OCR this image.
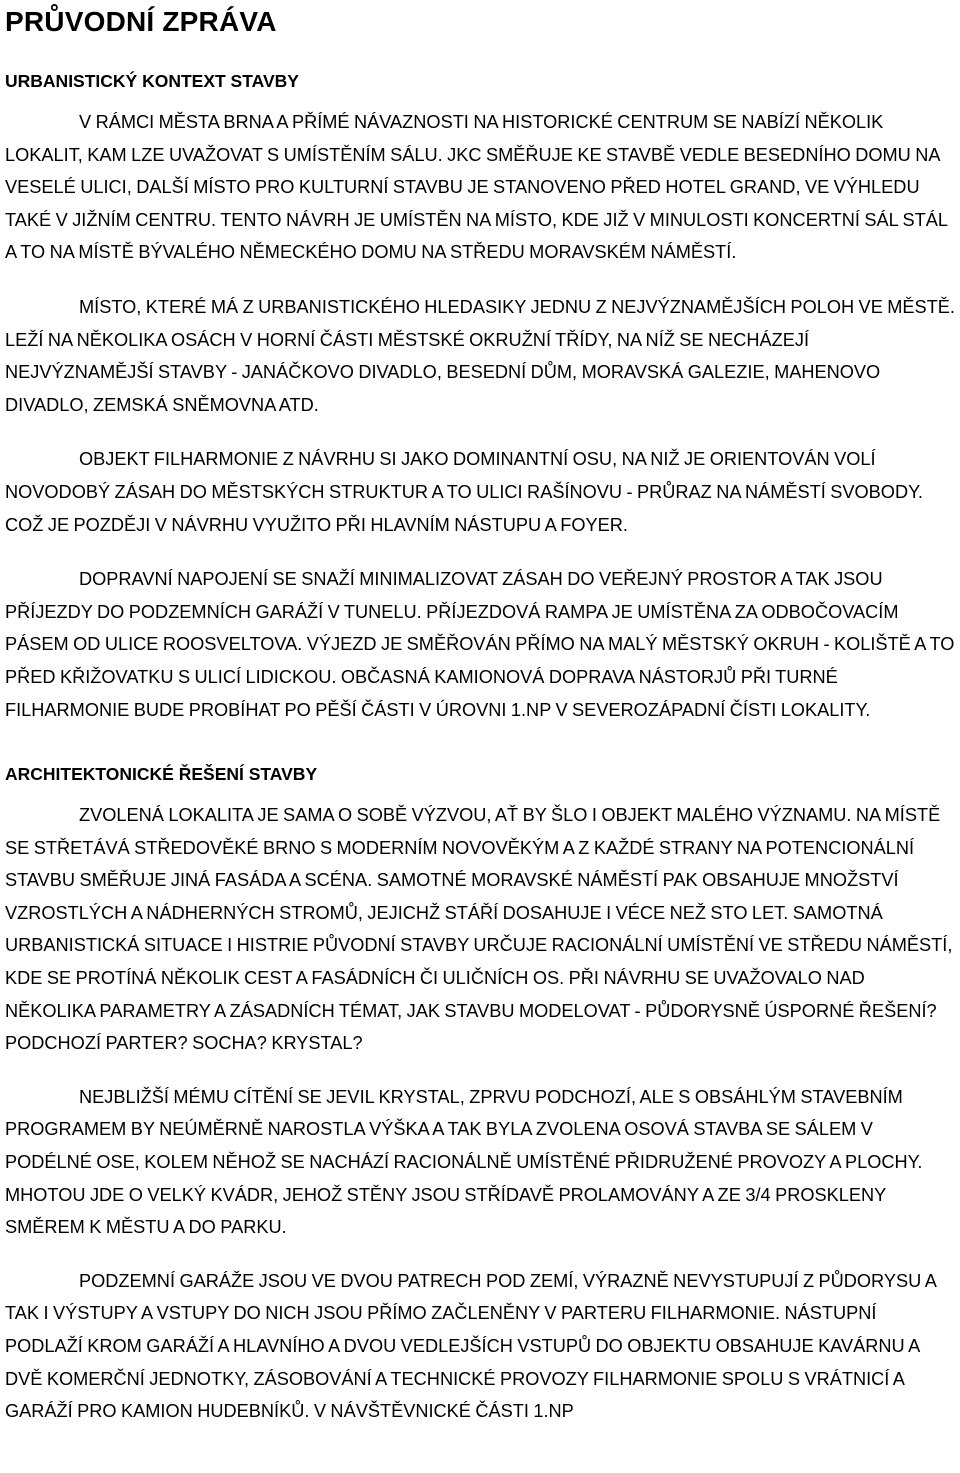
PRŮVODNÍ ZPRÁVA
URBANISTICKÝ KONTEXT STAVBY

V RÁMCI MĚSTA BRNA A PŘÍMÉ NÁVAZNOSTI NA HISTORICKÉ CENTRUM SE NABÍZÍ NĚKOLIK LOKALIT, KAM LZE UVAŽOVAT S UMÍSTĚNÍM SÁLU. JKC SMĚŘUJE KE STAVBĚ VEDLE BESEDNÍHO DOMU NA VESELÉ ULICI, DALŠÍ MÍSTO PRO KULTURNÍ STAVBU JE STANOVENO PŘED HOTEL GRAND, VE VÝHLEDU TAKÉ V JIŽNÍM CENTRU. TENTO NÁVRH JE UMÍSTĚN NA MÍSTO, KDE JIŽ V MINULOSTI KONCERTNÍ SÁL STÁL A TO NA MÍSTĚ BÝVALÉHO NĚMECKÉHO DOMU NA STŘEDU MORAVSKÉM NÁMĚSTÍ.

MÍSTO, KTERÉ MÁ Z URBANISTICKÉHO HLEDASIKY JEDNU Z NEJVÝZNAMĚJŠÍCH POLOH VE MĚSTĚ. LEŽÍ NA NĚKOLIKA OSÁCH V HORNÍ ČÁSTI MĚSTSKÉ OKRUŽNÍ TŘÍDY, NA NÍŽ SE NECHÁZEJÍ NEJVÝZNAMĚJŠÍ STAVBY - JANÁČKOVO DIVADLO, BESEDNÍ DŮM, MORAVSKÁ GALEZIE, MAHENOVO DIVADLO, ZEMSKÁ SNĚMOVNA ATD.

OBJEKT FILHARMONIE Z NÁVRHU SI JAKO DOMINANTNÍ OSU, NA NIŽ JE ORIENTOVÁN VOLÍ NOVODOBÝ ZÁSAH DO MĚSTSKÝCH STRUKTUR A TO ULICI RAŠÍNOVU - PRŮRAZ NA NÁMĚSTÍ SVOBODY. COŽ JE POZDĚJI V NÁVRHU VYUŽITO PŘI HLAVNÍM NÁSTUPU A FOYER.

DOPRAVNÍ NAPOJENÍ SE SNAŽÍ MINIMALIZOVAT ZÁSAH DO VEŘEJNÝ PROSTOR A TAK JSOU PŘÍJEZDY DO PODZEMNÍCH GARÁŽÍ V TUNELU. PŘÍJEZDOVÁ RAMPA JE UMÍSTĚNA ZA ODBOČOVACÍM PÁSEM OD ULICE ROOSVELTOVA. VÝJEZD JE SMĚŘOVÁN PŘÍMO NA MALÝ MĚSTSKÝ OKRUH - KOLIŠTĚ A TO PŘED KŘIŽOVATKU S ULICÍ LIDICKOU. OBČASNÁ KAMIONOVÁ DOPRAVA NÁSTORJŮ PŘI TURNÉ FILHARMONIE BUDE PROBÍHAT PO PĚŠÍ ČÁSTI V ÚROVNI 1.NP V SEVEROZÁPADNÍ ČÍSTI LOKALITY.

ARCHITEKTONICKÉ ŘEŠENÍ STAVBY

ZVOLENÁ LOKALITA JE SAMA O SOBĚ VÝZVOU, AŤ BY ŠLO I OBJEKT MALÉHO VÝZNAMU. NA MÍSTĚ SE STŘETÁVÁ STŘEDOVĚKÉ BRNO S MODERNÍM NOVOVĚKÝM A Z KAŽDÉ STRANY NA POTENCIONÁLNÍ STAVBU SMĚŘUJE JINÁ FASÁDA A SCÉNA. SAMOTNÉ MORAVSKÉ NÁMĚSTÍ PAK OBSAHUJE MNOŽSTVÍ VZROSTLÝCH A NÁDHERNÝCH STROMŮ, JEJICHŽ STÁŘÍ DOSAHUJE I VÉCE NEŽ STO LET. SAMOTNÁ URBANISTICKÁ SITUACE I HISTRIE PŮVODNÍ STAVBY URČUJE RACIONÁLNÍ UMÍSTĚNÍ VE STŘEDU NÁMĚSTÍ, KDE SE PROTÍNÁ NĚKOLIK CEST A FASÁDNÍCH ČI ULIČNÍCH OS. PŘI NÁVRHU SE UVAŽOVALO NAD NĚKOLIKA PARAMETRY A ZÁSADNÍCH TÉMAT, JAK STAVBU MODELOVAT - PŮDORYSNĚ ÚSPORNÉ ŘEŠENÍ? PODCHOZÍ PARTER? SOCHA? KRYSTAL?

NEJBLIŽŠÍ MÉMU CÍTĚNÍ SE JEVIL KRYSTAL, ZPRVU PODCHOZÍ, ALE S OBSÁHLÝM STAVEBNÍM PROGRAMEM BY NEÚMĚRNĚ NAROSTLA VÝŠKA A TAK BYLA ZVOLENA OSOVÁ STAVBA SE SÁLEM V PODÉLNÉ OSE, KOLEM NĚHOŽ SE NACHÁZÍ RACIONÁLNĚ UMÍSTĚNÉ PŘIDRUŽENÉ PROVOZY A PLOCHY. MHOTOU JDE O VELKÝ KVÁDR, JEHOŽ STĚNY JSOU STŘÍDAVĚ PROLAMOVÁNY A ZE 3/4 PROSKLENY SMĚREM K MĚSTU A DO PARKU.

PODZEMNÍ GARÁŽE JSOU VE DVOU PATRECH POD ZEMÍ, VÝRAZNĚ NEVYSTUPUJÍ Z PŮDORYSU A TAK I VÝSTUPY A VSTUPY DO NICH JSOU PŘÍMO ZAČLENĚNY V PARTERU FILHARMONIE. NÁSTUPNÍ PODLAŽÍ KROM GARÁŽÍ A HLAVNÍHO A DVOU VEDLEJŠÍCH VSTUPŮ DO OBJEKTU OBSAHUJE KAVÁRNU A DVĚ KOMERČNÍ JEDNOTKY, ZÁSOBOVÁNÍ A TECHNICKÉ PROVOZY FILHARMONIE SPOLU S VRÁTNICÍ A GARÁŽÍ PRO KAMION HUDEBNÍKŮ. V NÁVŠTĚVNICKÉ ČÁSTI 1.NP
